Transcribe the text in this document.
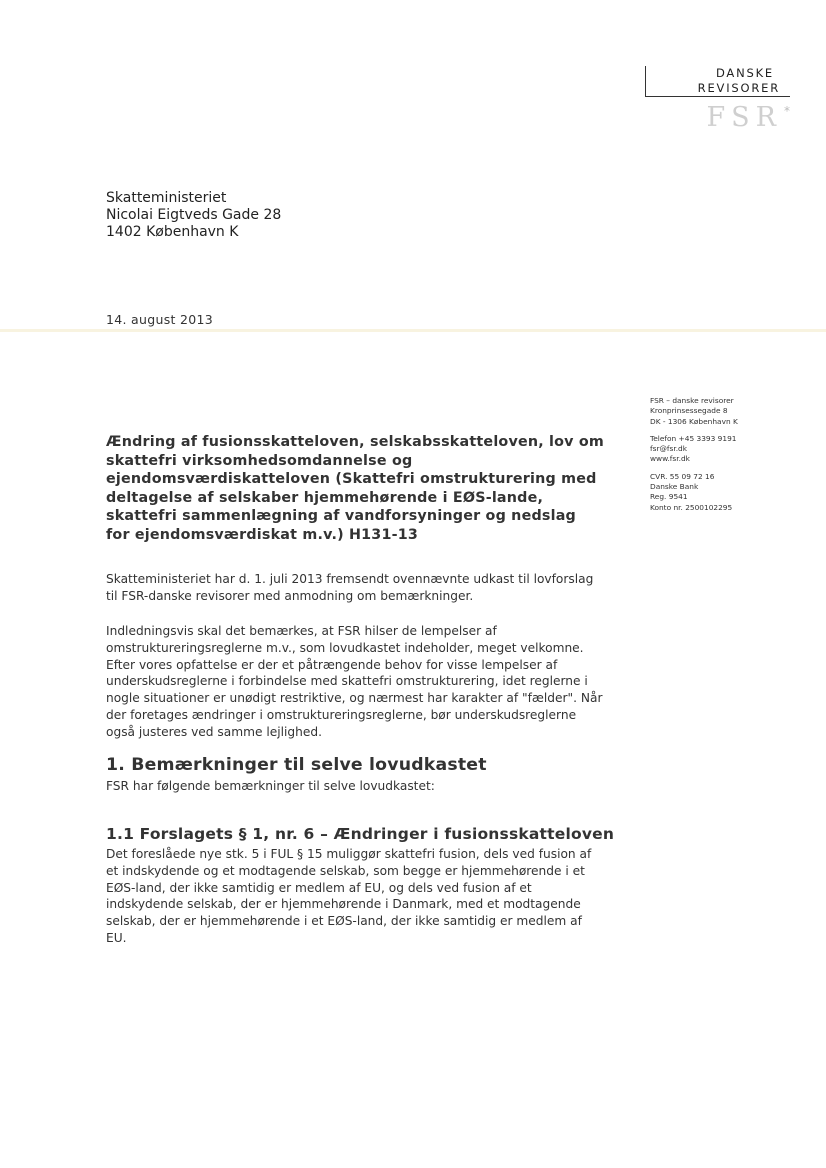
DANSKE
REVISORER
FSR *
Skatteministeriet
Nicolai Eigtveds Gade 28
1402 København K
14. august 2013
FSR – danske revisorer
Kronprinsessegade 8
DK - 1306 København K
Telefon +45 3393 9191
fsr@fsr.dk
www.fsr.dk
CVR. 55 09 72 16
Danske Bank
Reg. 9541
Konto nr. 2500102295
Ændring af fusionsskatteloven, selskabsskatteloven, lov om
skattefri virksomhedsomdannelse og
ejendomsværdiskatteloven (Skattefri omstrukturering med
deltagelse af selskaber hjemmehørende i EØS-lande,
skattefri sammenlægning af vandforsyninger og nedslag
for ejendomsværdiskat m.v.) H131-13
Skatteministeriet har d. 1. juli 2013 fremsendt ovennævnte udkast til lovforslag
til FSR-danske revisorer med anmodning om bemærkninger.
Indledningsvis skal det bemærkes, at FSR hilser de lempelser af
omstruktureringsreglerne m.v., som lovudkastet indeholder, meget velkomne.
Efter vores opfattelse er der et påtrængende behov for visse lempelser af
underskudsreglerne i forbindelse med skattefri omstrukturering, idet reglerne i
nogle situationer er unødigt restriktive, og nærmest har karakter af "fælder". Når
der foretages ændringer i omstruktureringsreglerne, bør underskudsreglerne
også justeres ved samme lejlighed.
1. Bemærkninger til selve lovudkastet
FSR har følgende bemærkninger til selve lovudkastet:
1.1 Forslagets § 1, nr. 6 – Ændringer i fusionsskatteloven
Det foreslåede nye stk. 5 i FUL § 15 muliggør skattefri fusion, dels ved fusion af
et indskydende og et modtagende selskab, som begge er hjemmehørende i et
EØS-land, der ikke samtidig er medlem af EU, og dels ved fusion af et
indskydende selskab, der er hjemmehørende i Danmark, med et modtagende
selskab, der er hjemmehørende i et EØS-land, der ikke samtidig er medlem af
EU.
